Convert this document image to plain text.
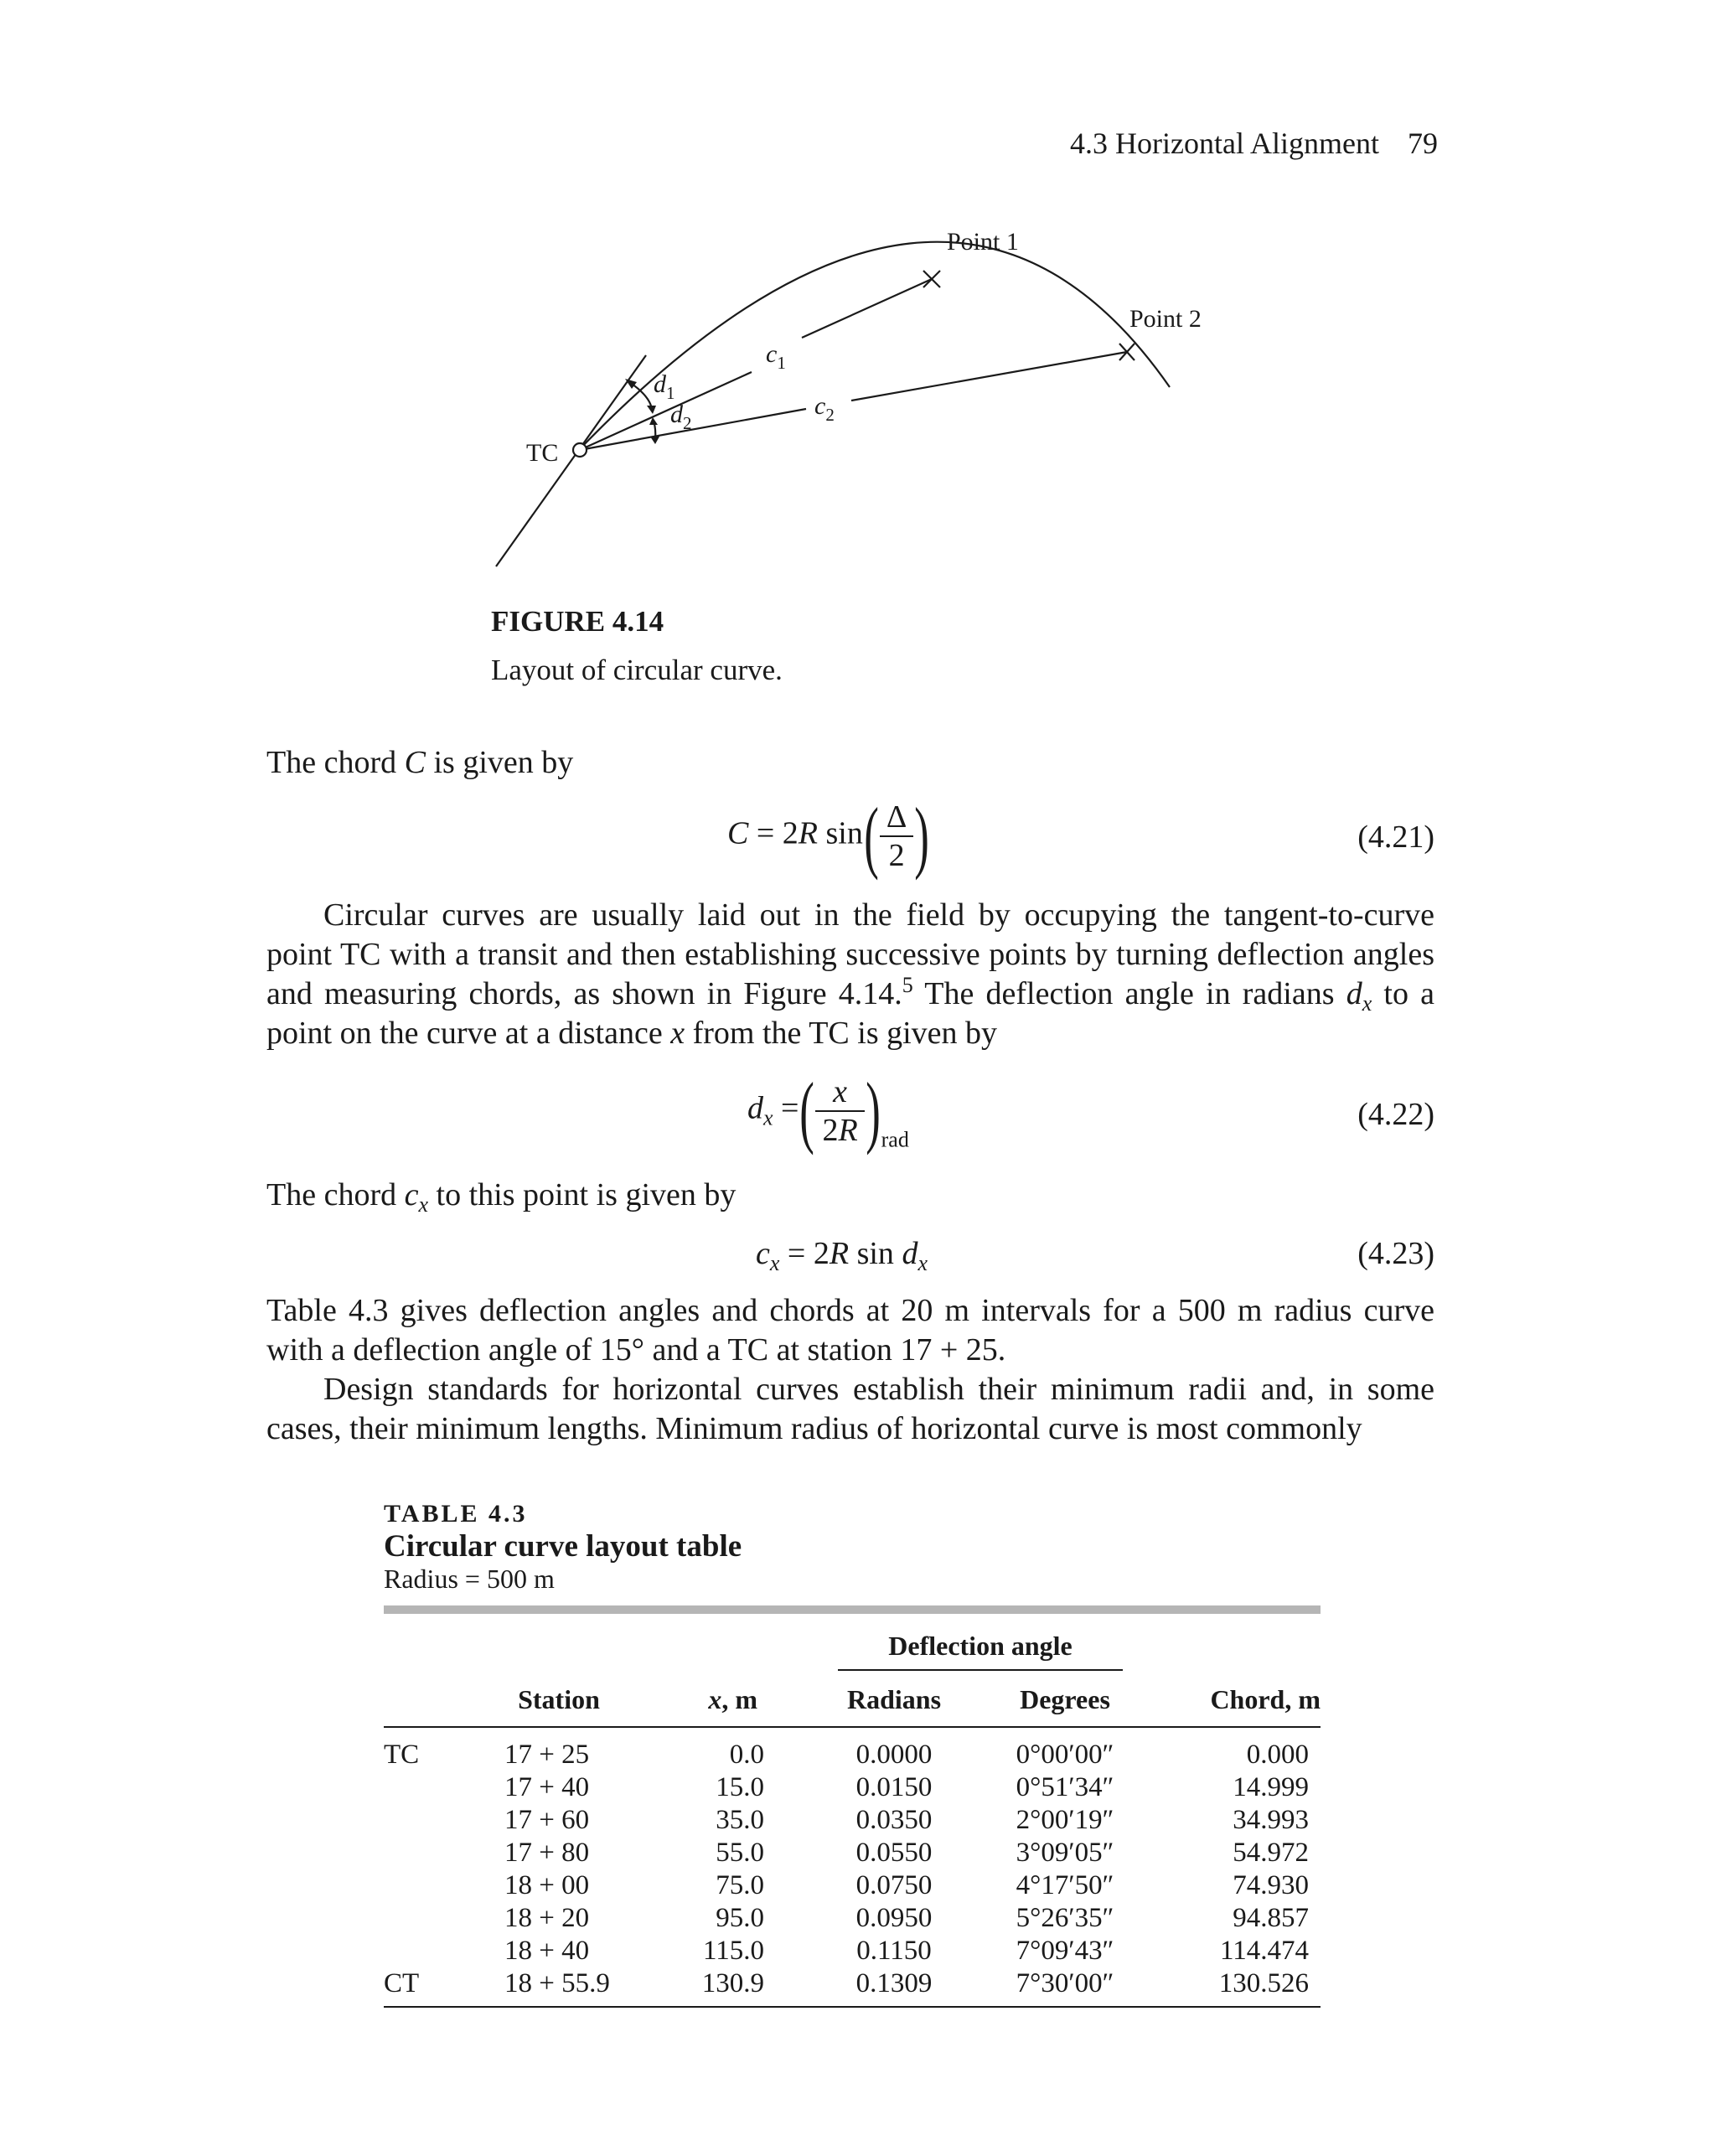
4.3 Horizontal Alignment 79
TC
Point 1
Point 2
$c_1$
$c_2$
$d_1$
$d_2$
FIGURE 4.14
Layout of circular curve.
The chord C is given by
C = 2R $\sin( \frac{\Delta}{2}$ )	(4.21)
Circular curves are usually laid out in the field by occupying the tangent-to-curve point TC with a transit and then establishing successive points by turning deflection angles and measuring chords, as shown in Figure 4.14.$^5$ The deflection angle in radians $d_x$ to a point on the curve at a distance x from the TC is given by
$d_x$ =( $\frac{x}{2R} )_{rad}$
(4.22)
The chord $c_x$ to this point is given by
$c_x = 2R$ $\sin d_x$	(4.23)
Table 4.3 gives deflection angles and chords at 20 m intervals for a 500 m radius curve with a deflection angle of 15° and a TC at station 17 + 25.
Design standards for horizontal curves establish their minimum radii and, in some cases, their minimum lengths. Minimum radius of horizontal curve is most commonly
TABLE 4.3
Circular curve layout table
Radius = 500 m
Deflection angle
Station	x, m	Radians	Degrees	Chord, m
TC	17 + 25	0.0	0.0000	0°00′00″	0.000
17 + 40	15.0	0.0150	0°51′34″	14.999
17 + 60	35.0	0.0350	2°00′19″	34.993
17 + 80	55.0	0.0550	3°09′05″	54.972
18 + 00	75.0	0.0750	4°17′50″	74.930
18 + 20	95.0	0.0950	5°26′35″	94.857
18 + 40	115.0	0.1150	7°09′43″	114.474
CT	18 + 55.9	130.9	0.1309	7°30′00″	130.526
